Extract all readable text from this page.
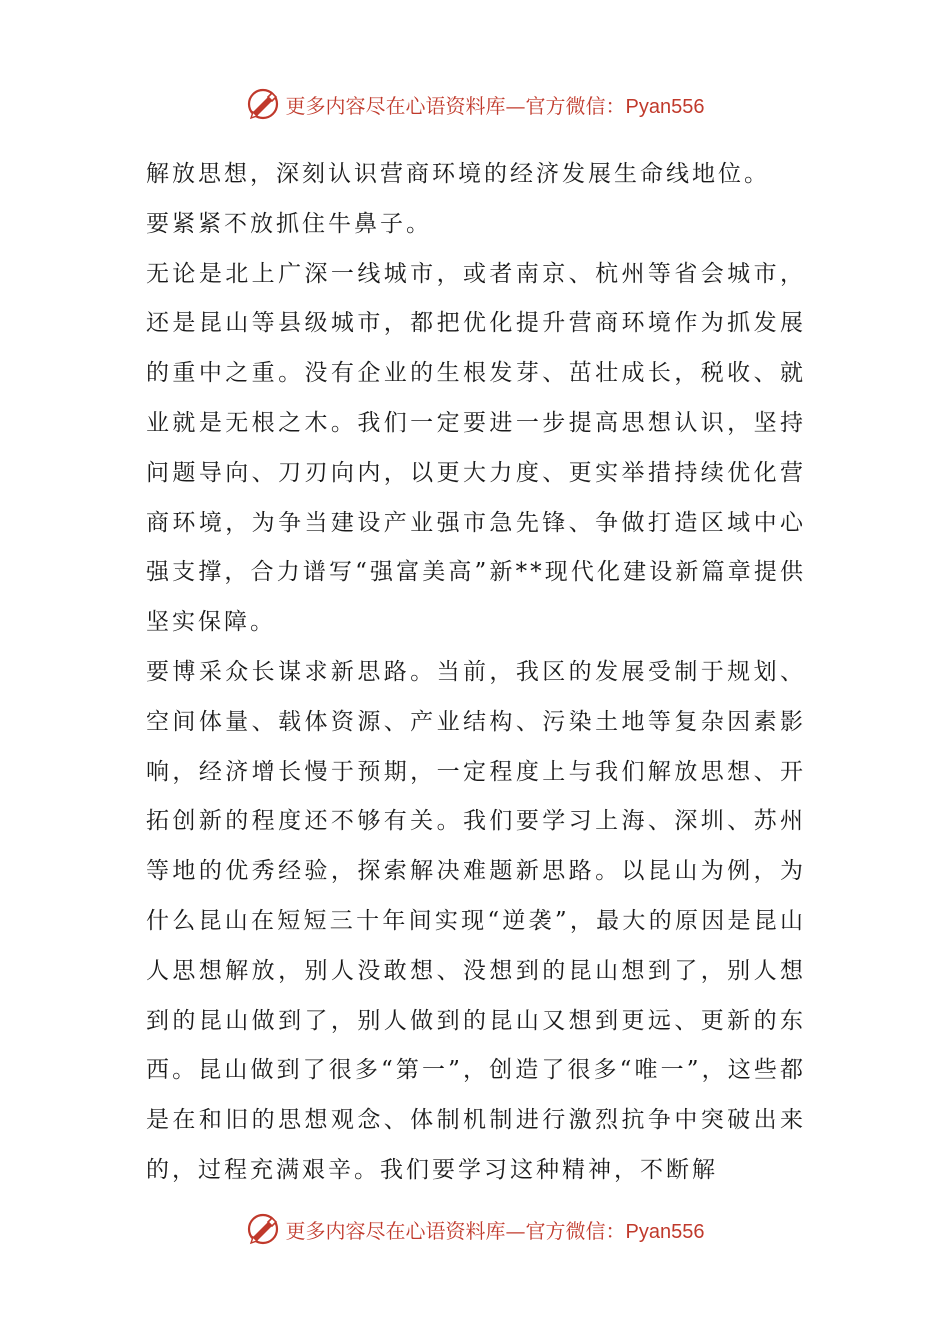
更多内容尽在心语资料库—官方微信：Pyan556

解放思想，深刻认识营商环境的经济发展生命线地位。

要紧紧不放抓住牛鼻子。

无论是北上广深一线城市，或者南京、杭州等省会城市，还是昆山等县级城市，都把优化提升营商环境作为抓发展的重中之重。没有企业的生根发芽、茁壮成长，税收、就业就是无根之木。我们一定要进一步提高思想认识，坚持问题导向、刀刃向内，以更大力度、更实举措持续优化营商环境，为争当建设产业强市急先锋、争做打造区域中心强支撑，合力谱写“强富美高”新**现代化建设新篇章提供坚实保障。

要博采众长谋求新思路。当前，我区的发展受制于规划、空间体量、载体资源、产业结构、污染土地等复杂因素影响，经济增长慢于预期，一定程度上与我们解放思想、开拓创新的程度还不够有关。我们要学习上海、深圳、苏州等地的优秀经验，探索解决难题新思路。以昆山为例，为什么昆山在短短三十年间实现“逆袭”，最大的原因是昆山人思想解放，别人没敢想、没想到的昆山想到了，别人想到的昆山做到了，别人做到的昆山又想到更远、更新的东西。昆山做到了很多“第一”，创造了很多“唯一”，这些都是在和旧的思想观念、体制机制进行激烈抗争中突破出来的，过程充满艰辛。我们要学习这种精神，不断解

更多内容尽在心语资料库—官方微信：Pyan556
